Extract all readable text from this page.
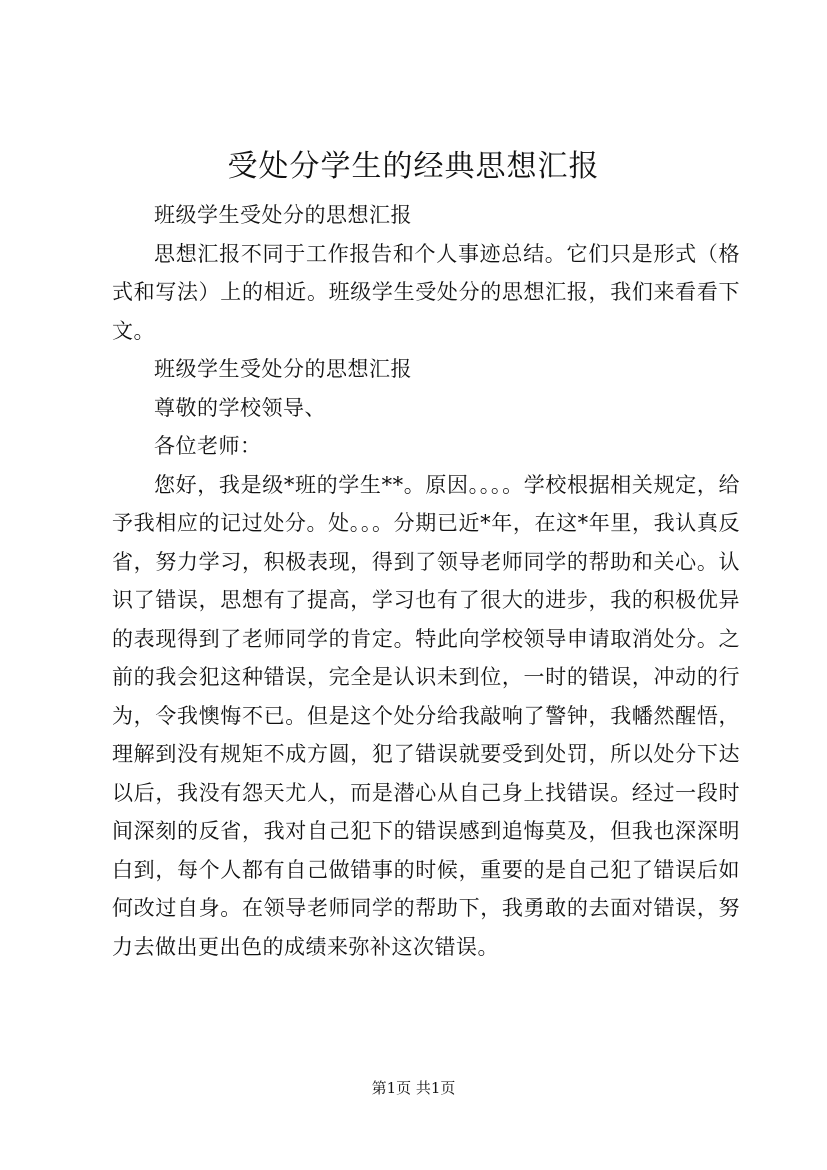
受处分学生的经典思想汇报

班级学生受处分的思想汇报

思想汇报不同于工作报告和个人事迹总结。它们只是形式（格式和写法）上的相近。班级学生受处分的思想汇报，我们来看看下文。

班级学生受处分的思想汇报

尊敬的学校领导、

各位老师：

您好，我是级*班的学生**。原因。。。。学校根据相关规定，给予我相应的记过处分。处。。。分期已近*年，在这*年里，我认真反省，努力学习，积极表现，得到了领导老师同学的帮助和关心。认识了错误，思想有了提高，学习也有了很大的进步，我的积极优异的表现得到了老师同学的肯定。特此向学校领导申请取消处分。之前的我会犯这种错误，完全是认识未到位，一时的错误，冲动的行为，令我懊悔不已。但是这个处分给我敲响了警钟，我幡然醒悟，理解到没有规矩不成方圆，犯了错误就要受到处罚，所以处分下达以后，我没有怨天尤人，而是潜心从自己身上找错误。经过一段时间深刻的反省，我对自己犯下的错误感到追悔莫及，但我也深深明白到，每个人都有自己做错事的时候，重要的是自己犯了错误后如何改过自身。在领导老师同学的帮助下，我勇敢的去面对错误，努力去做出更出色的成绩来弥补这次错误。

第1页 共1页
